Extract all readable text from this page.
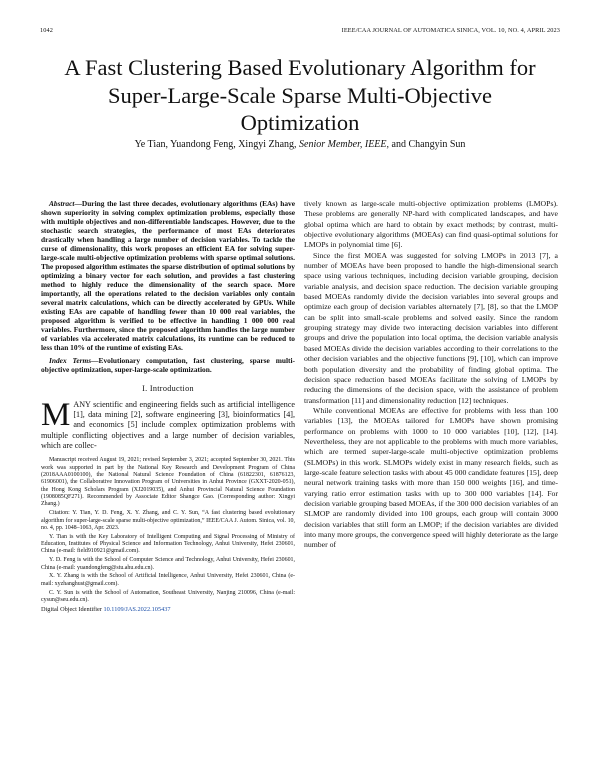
1042	IEEE/CAA JOURNAL OF AUTOMATICA SINICA, VOL. 10, NO. 4, APRIL 2023
A Fast Clustering Based Evolutionary Algorithm for Super-Large-Scale Sparse Multi-Objective Optimization
Ye Tian, Yuandong Feng, Xingyi Zhang, Senior Member, IEEE, and Changyin Sun

Abstract—During the last three decades, evolutionary algorithms (EAs) have shown superiority in solving complex optimization problems, especially those with multiple objectives and non-differentiable landscapes. However, due to the stochastic search strategies, the performance of most EAs deteriorates drastically when handling a large number of decision variables. To tackle the curse of dimensionality, this work proposes an efficient EA for solving super-large-scale multi-objective optimization problems with sparse optimal solutions. The proposed algorithm estimates the sparse distribution of optimal solutions by optimizing a binary vector for each solution, and provides a fast clustering method to highly reduce the dimensionality of the search space. More importantly, all the operations related to the decision variables only contain several matrix calculations, which can be directly accelerated by GPUs. While existing EAs are capable of handling fewer than 10 000 real variables, the proposed algorithm is verified to be effective in handling 1 000 000 real variables. Furthermore, since the proposed algorithm handles the large number of variables via accelerated matrix calculations, its runtime can be reduced to less than 10% of the runtime of existing EAs.

Index Terms—Evolutionary computation, fast clustering, sparse multi-objective optimization, super-large-scale optimization.

I. Introduction
M ANY scientific and engineering fields such as artificial intelligence [1], data mining [2], software engineering [3], bioinformatics [4], and economics [5] include complex optimization problems with multiple conflicting objectives and a large number of decision variables, which are collec-

Manuscript received August 19, 2021; revised September 3, 2021; accepted September 30, 2021. This work was supported in part by the National Key Research and Development Program of China (2018AAA0100100), the National Natural Science Foundation of China (61822301, 61876123, 61906001), the Collaborative Innovation Program of Universities in Anhui Province (GXXT-2020-051), the Hong Kong Scholars Program (XJ2019035), and Anhui Provincial Natural Science Foundation (1908085QF271). Recommended by Associate Editor Shangce Gao. (Corresponding author: Xingyi Zhang.)

Citation: Y. Tian, Y. D. Feng, X. Y. Zhang, and C. Y. Sun, “A fast clustering based evolutionary algorithm for super-large-scale sparse multi-objective optimization,” IEEE/CAA J. Autom. Sinica, vol. 10, no. 4, pp. 1048–1063, Apr. 2023.

Y. Tian is with the Key Laboratory of Intelligent Computing and Signal Processing of Ministry of Education, Institutes of Physical Science and Information Technology, Anhui University, Hefei 230601, China (e-mail: field910921@gmail.com).

Y. D. Feng is with the School of Computer Science and Technology, Anhui University, Hefei 230601, China (e-mail: yuandongfeng@stu.ahu.edu.cn).

X. Y. Zhang is with the School of Artificial Intelligence, Anhui University, Hefei 230601, China (e-mail: xyzhanghust@gmail.com).

C. Y. Sun is with the School of Automation, Southeast University, Nanjing 210096, China (e-mail: cysun@seu.edu.cn).

Digital Object Identifier 10.1109/JAS.2022.105437

tively known as large-scale multi-objective optimization problems (LMOPs). These problems are generally NP-hard with complicated landscapes, and have global optima which are hard to obtain by exact methods; by contrast, multi-objective evolutionary algorithms (MOEAs) can find quasi-optimal solutions for LMOPs in polynomial time [6].

Since the first MOEA was suggested for solving LMOPs in 2013 [7], a number of MOEAs have been proposed to handle the high-dimensional search space using various techniques, including decision variable grouping, decision variable analysis, and decision space reduction. The decision variable grouping based MOEAs randomly divide the decision variables into several groups and optimize each group of decision variables alternately [7], [8], so that the LMOP can be split into small-scale problems and solved easily. Since the random grouping strategy may divide two interacting decision variables into different groups and drive the population into local optima, the decision variable analysis based MOEAs divide the decision variables according to their correlations to the other decision variables and the objective functions [9], [10], which can improve both population diversity and the probability of finding global optima. The decision space reduction based MOEAs facilitate the solving of LMOPs by reducing the dimensions of the decision space, with the assistance of problem transformation [11] and dimensionality reduction [12] techniques.

While conventional MOEAs are effective for problems with less than 100 variables [13], the MOEAs tailored for LMOPs have shown promising performance on problems with 1000 to 10 000 variables [10], [12], [14]. Nevertheless, they are not applicable to the problems with much more variables, which are termed super-large-scale multi-objective optimization problems (SLMOPs) in this work. SLMOPs widely exist in many research fields, such as large-scale feature selection tasks with about 45 000 candidate features [15], deep neural network training tasks with more than 150 000 weights [16], and time-varying ratio error estimation tasks with up to 300 000 variables [14]. For decision variable grouping based MOEAs, if the 300 000 decision variables of an SLMOP are randomly divided into 100 groups, each group will contain 3000 decision variables that still form an LMOP; if the decision variables are divided into many more groups, the convergence speed will highly deteriorate as the large number of
